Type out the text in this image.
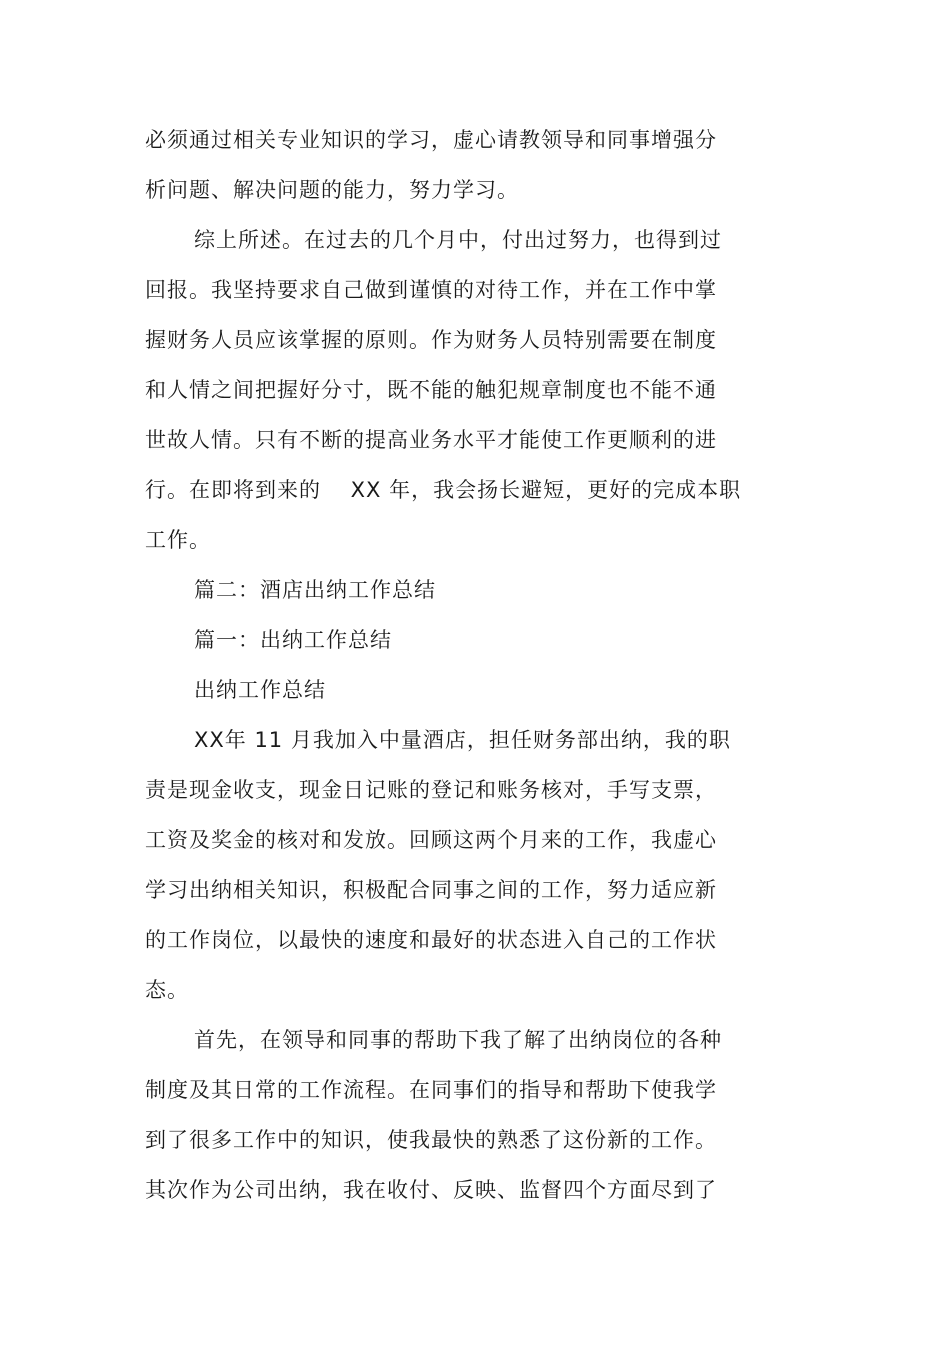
必须通过相关专业知识的学习，虚心请教领导和同事增强分
析问题、解决问题的能力，努力学习。
综上所述。在过去的几个月中，付出过努力，也得到过
回报。我坚持要求自己做到谨慎的对待工作，并在工作中掌
握财务人员应该掌握的原则。作为财务人员特别需要在制度
和人情之间把握好分寸，既不能的触犯规章制度也不能不通
世故人情。只有不断的提高业务水平才能使工作更顺利的进
行。在即将到来的　 XX 年，我会扬长避短，更好的完成本职
工作。
篇二：酒店出纳工作总结
篇一：出纳工作总结
出纳工作总结
XX年 11 月我加入中量酒店，担任财务部出纳，我的职
责是现金收支，现金日记账的登记和账务核对，手写支票，
工资及奖金的核对和发放。回顾这两个月来的工作，我虚心
学习出纳相关知识，积极配合同事之间的工作，努力适应新
的工作岗位，以最快的速度和最好的状态进入自己的工作状
态。
首先，在领导和同事的帮助下我了解了出纳岗位的各种
制度及其日常的工作流程。在同事们的指导和帮助下使我学
到了很多工作中的知识，使我最快的熟悉了这份新的工作。
其次作为公司出纳，我在收付、反映、监督四个方面尽到了
